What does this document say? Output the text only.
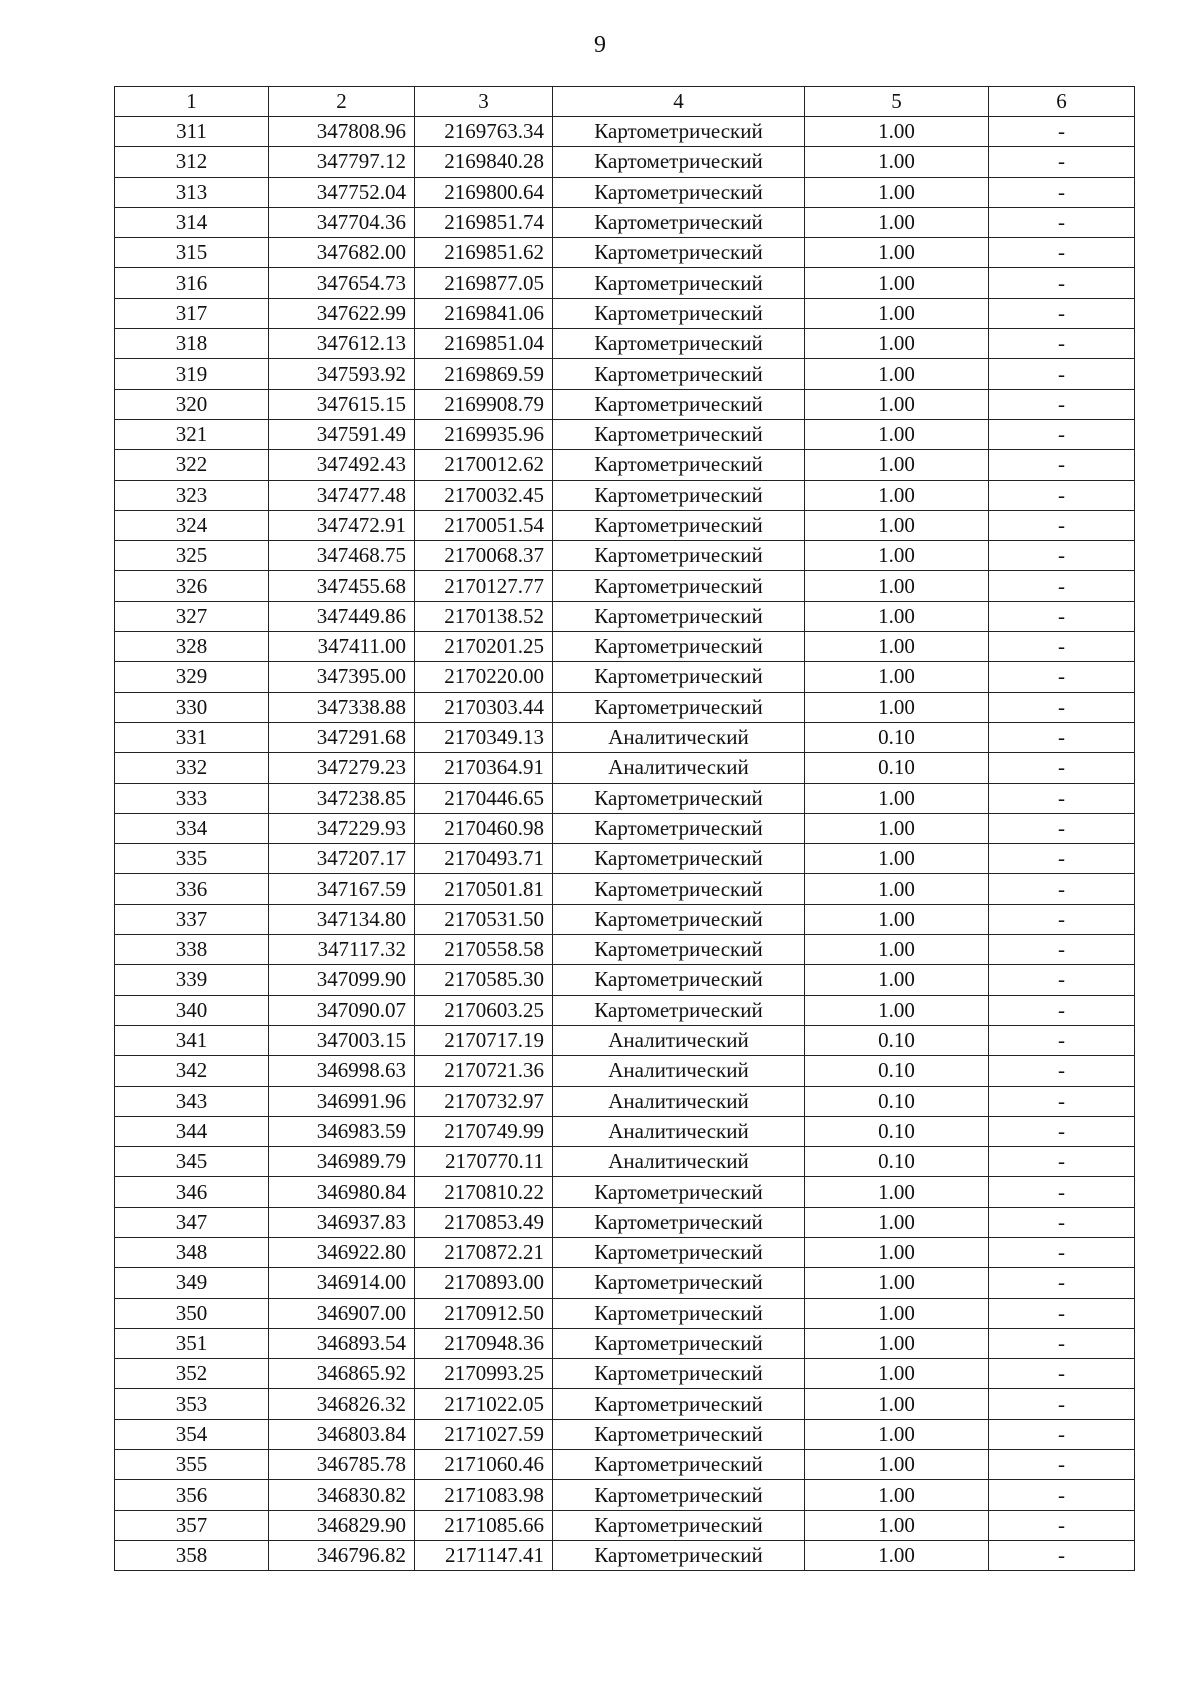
9
1	2	3	4	5	6
311	347808.96	2169763.34	Картометрический	1.00	-
312	347797.12	2169840.28	Картометрический	1.00	-
313	347752.04	2169800.64	Картометрический	1.00	-
314	347704.36	2169851.74	Картометрический	1.00	-
315	347682.00	2169851.62	Картометрический	1.00	-
316	347654.73	2169877.05	Картометрический	1.00	-
317	347622.99	2169841.06	Картометрический	1.00	-
318	347612.13	2169851.04	Картометрический	1.00	-
319	347593.92	2169869.59	Картометрический	1.00	-
320	347615.15	2169908.79	Картометрический	1.00	-
321	347591.49	2169935.96	Картометрический	1.00	-
322	347492.43	2170012.62	Картометрический	1.00	-
323	347477.48	2170032.45	Картометрический	1.00	-
324	347472.91	2170051.54	Картометрический	1.00	-
325	347468.75	2170068.37	Картометрический	1.00	-
326	347455.68	2170127.77	Картометрический	1.00	-
327	347449.86	2170138.52	Картометрический	1.00	-
328	347411.00	2170201.25	Картометрический	1.00	-
329	347395.00	2170220.00	Картометрический	1.00	-
330	347338.88	2170303.44	Картометрический	1.00	-
331	347291.68	2170349.13	Аналитический	0.10	-
332	347279.23	2170364.91	Аналитический	0.10	-
333	347238.85	2170446.65	Картометрический	1.00	-
334	347229.93	2170460.98	Картометрический	1.00	-
335	347207.17	2170493.71	Картометрический	1.00	-
336	347167.59	2170501.81	Картометрический	1.00	-
337	347134.80	2170531.50	Картометрический	1.00	-
338	347117.32	2170558.58	Картометрический	1.00	-
339	347099.90	2170585.30	Картометрический	1.00	-
340	347090.07	2170603.25	Картометрический	1.00	-
341	347003.15	2170717.19	Аналитический	0.10	-
342	346998.63	2170721.36	Аналитический	0.10	-
343	346991.96	2170732.97	Аналитический	0.10	-
344	346983.59	2170749.99	Аналитический	0.10	-
345	346989.79	2170770.11	Аналитический	0.10	-
346	346980.84	2170810.22	Картометрический	1.00	-
347	346937.83	2170853.49	Картометрический	1.00	-
348	346922.80	2170872.21	Картометрический	1.00	-
349	346914.00	2170893.00	Картометрический	1.00	-
350	346907.00	2170912.50	Картометрический	1.00	-
351	346893.54	2170948.36	Картометрический	1.00	-
352	346865.92	2170993.25	Картометрический	1.00	-
353	346826.32	2171022.05	Картометрический	1.00	-
354	346803.84	2171027.59	Картометрический	1.00	-
355	346785.78	2171060.46	Картометрический	1.00	-
356	346830.82	2171083.98	Картометрический	1.00	-
357	346829.90	2171085.66	Картометрический	1.00	-
358	346796.82	2171147.41	Картометрический	1.00	-
